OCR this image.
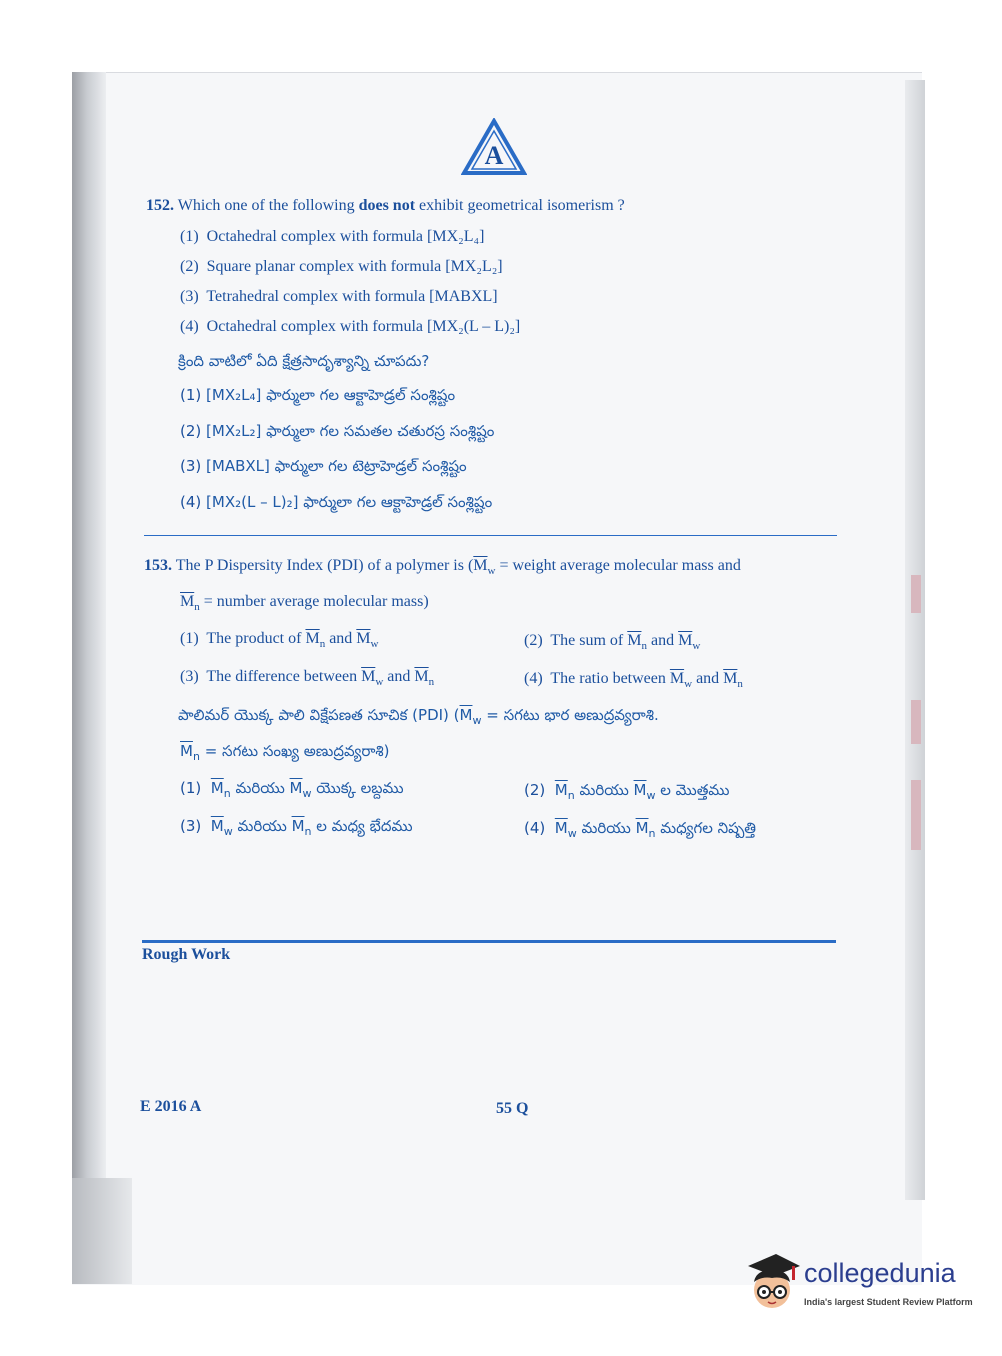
A
152. Which one of the following does not exhibit geometrical isomerism ?
(1) Octahedral complex with formula [MX₂L₄]
(2) Square planar complex with formula [MX₂L₂]
(3) Tetrahedral complex with formula [MABXL]
(4) Octahedral complex with formula [MX₂(L – L)₂]
క్రింది వాటిలో ఏది క్షేత్రసాదృశ్యాన్ని చూపదు?
(1) [MX₂L₄] ఫార్ములా గల ఆక్టాహెడ్రల్ సంశ్లిష్టం
(2) [MX₂L₂] ఫార్ములా గల సమతల చతురస్ర సంశ్లిష్టం
(3) [MABXL] ఫార్ములా గల టెట్రాహెడ్రల్ సంశ్లిష్టం
(4) [MX₂(L – L)₂] ఫార్ములా గల ఆక్టాహెడ్రల్ సంశ్లిష్టం
153. The P Dispersity Index (PDI) of a polymer is ($\overline{M}_w$ = weight average molecular mass and
$\overline{M}_n$ = number average molecular mass)
(1) The product of $\overline{M}_n$ and $\overline{M}_w$	(2) The sum of $\overline{M}_n$ and $\overline{M}_w$
(3) The difference between $\overline{M}_w$ and $\overline{M}_n$	(4) The ratio between $\overline{M}_w$ and $\overline{M}_n$
పాలిమర్ యొక్క పాలి విక్షేపణత సూచిక (PDI) ($\overline{M}_w$ = సగటు భార అణుద్రవ్యరాశి.
$\overline{M}_n$ = సగటు సంఖ్య అణుద్రవ్యరాశి)
(1) $\overline{M}_n$ మరియు $\overline{M}_w$ యొక్క లబ్దము	(2) $\overline{M}_n$ మరియు $\overline{M}_w$ ల మొత్తము
(3) $\overline{M}_w$ మరియు $\overline{M}_n$ ల మధ్య భేదము	(4) $\overline{M}_w$ మరియు $\overline{M}_n$ మధ్యగల నిష్పత్తి
Rough Work
E 2016 A	55 Q
collegedunia
India's largest Student Review Platform
